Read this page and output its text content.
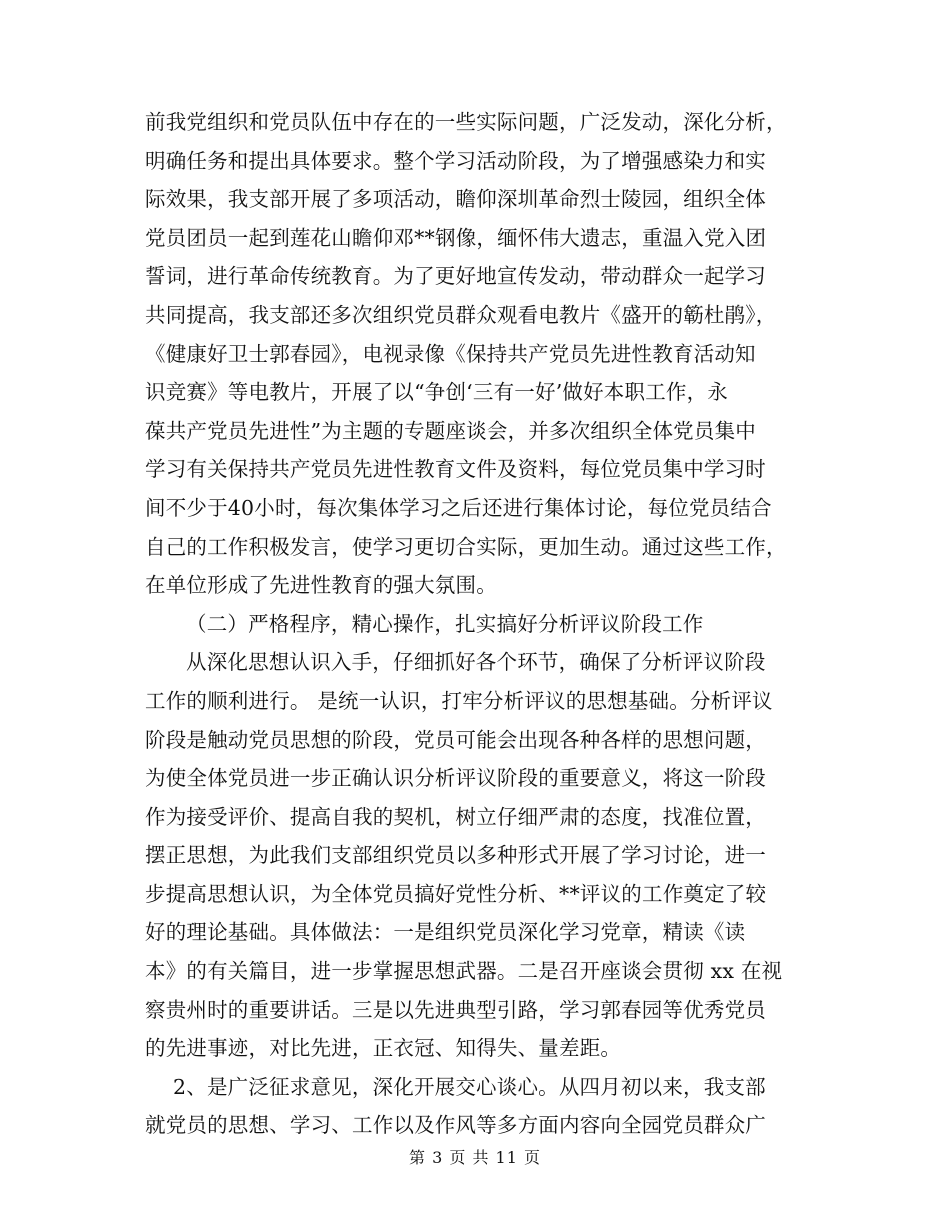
前我党组织和党员队伍中存在的一些实际问题，广泛发动，深化分析，
明确任务和提出具体要求。整个学习活动阶段，为了增强感染力和实
际效果，我支部开展了多项活动，瞻仰深圳革命烈士陵园，组织全体
党员团员一起到莲花山瞻仰邓**钢像，缅怀伟大遗志，重温入党入团
誓词，进行革命传统教育。为了更好地宣传发动，带动群众一起学习
共同提高，我支部还多次组织党员群众观看电教片《盛开的簕杜鹃》，
《健康好卫士郭春园》，电视录像《保持共产党员先进性教育活动知
识竞赛》等电教片，开展了以“争创‘三有一好’做好本职工作，永
葆共产党员先进性”为主题的专题座谈会，并多次组织全体党员集中
学习有关保持共产党员先进性教育文件及资料，每位党员集中学习时
间不少于40小时，每次集体学习之后还进行集体讨论，每位党员结合
自己的工作积极发言，使学习更切合实际，更加生动。通过这些工作，
在单位形成了先进性教育的强大氛围。
（二）严格程序，精心操作，扎实搞好分析评议阶段工作
从深化思想认识入手，仔细抓好各个环节，确保了分析评议阶段
工作的顺利进行。 是统一认识，打牢分析评议的思想基础。分析评议
阶段是触动党员思想的阶段，党员可能会出现各种各样的思想问题，
为使全体党员进一步正确认识分析评议阶段的重要意义，将这一阶段
作为接受评价、提高自我的契机，树立仔细严肃的态度，找准位置，
摆正思想，为此我们支部组织党员以多种形式开展了学习讨论，进一
步提高思想认识，为全体党员搞好党性分析、**评议的工作奠定了较
好的理论基础。具体做法：一是组织党员深化学习党章，精读《读
本》的有关篇目，进一步掌握思想武器。二是召开座谈会贯彻 xx 在视
察贵州时的重要讲话。三是以先进典型引路，学习郭春园等优秀党员
的先进事迹，对比先进，正衣冠、知得失、量差距。
2、是广泛征求意见，深化开展交心谈心。从四月初以来，我支部
就党员的思想、学习、工作以及作风等多方面内容向全园党员群众广
第 3 页 共 11 页
